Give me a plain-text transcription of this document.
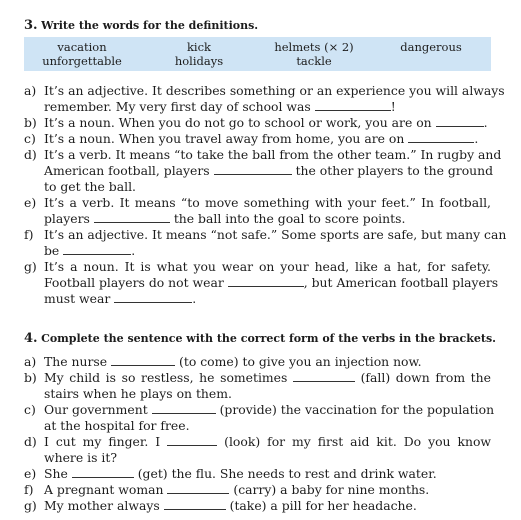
3. Write the words for the definitions.
vacation	kick	helmets (× 2)	dangerous
unforgettable	holidays	tackle
a) It’s an adjective. It describes something or an experience you will always
remember. My very first day of school was	!
b) It’s a noun. When you do not go to school or work, you are on	.
c) It’s a noun. When you travel away from home, you are on	.
d) It’s a verb. It means “to take the ball from the other team.” In rugby and
American football, players	the other players to the ground
to get the ball.
e) It’s a verb. It means “to move something with your feet.” In football,
players	the ball into the goal to score points.
f) It’s an adjective. It means “not safe.” Some sports are safe, but many can
be	.
g) It’s a noun. It is what you wear on your head, like a hat, for safety.
Football players do not wear	, but American football players
must wear	.
4. Complete the sentence with the correct form of the verbs in the brackets.
a) The nurse	(to come) to give you an injection now.
b) My child is so restless, he sometimes	(fall) down from the
stairs when he plays on them.
c) Our government	(provide) the vaccination for the population
at the hospital for free.
d) I cut my finger. I	(look) for my first aid kit. Do you know
where is it?
e) She	(get) the flu. She needs to rest and drink water.
f) A pregnant woman	(carry) a baby for nine months.
g) My mother always	(take) a pill for her headache.
